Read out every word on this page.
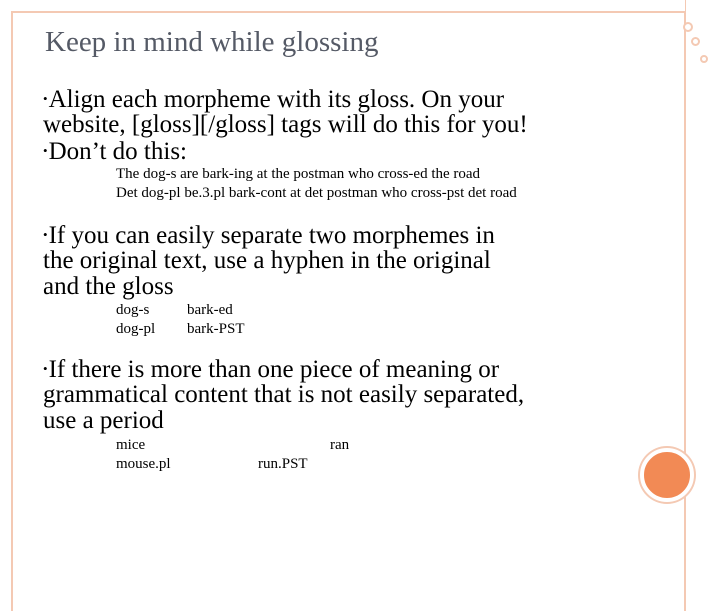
Keep in mind while glossing
•Align each morpheme with its gloss. On your
website, [gloss][/gloss] tags will do this for you!
•Don’t do this:
The dog-s are bark-ing at the postman who cross-ed the road
Det dog-pl be.3.pl bark-cont at det postman who cross-pst det road
•If you can easily separate two morphemes in
the original text, use a hyphen in the original
and the gloss
dog-s
dog-pl
bark-ed
bark-PST
•If there is more than one piece of meaning or
grammatical content that is not easily separated,
use a period
mice
mouse.pl
ran
run.PST
